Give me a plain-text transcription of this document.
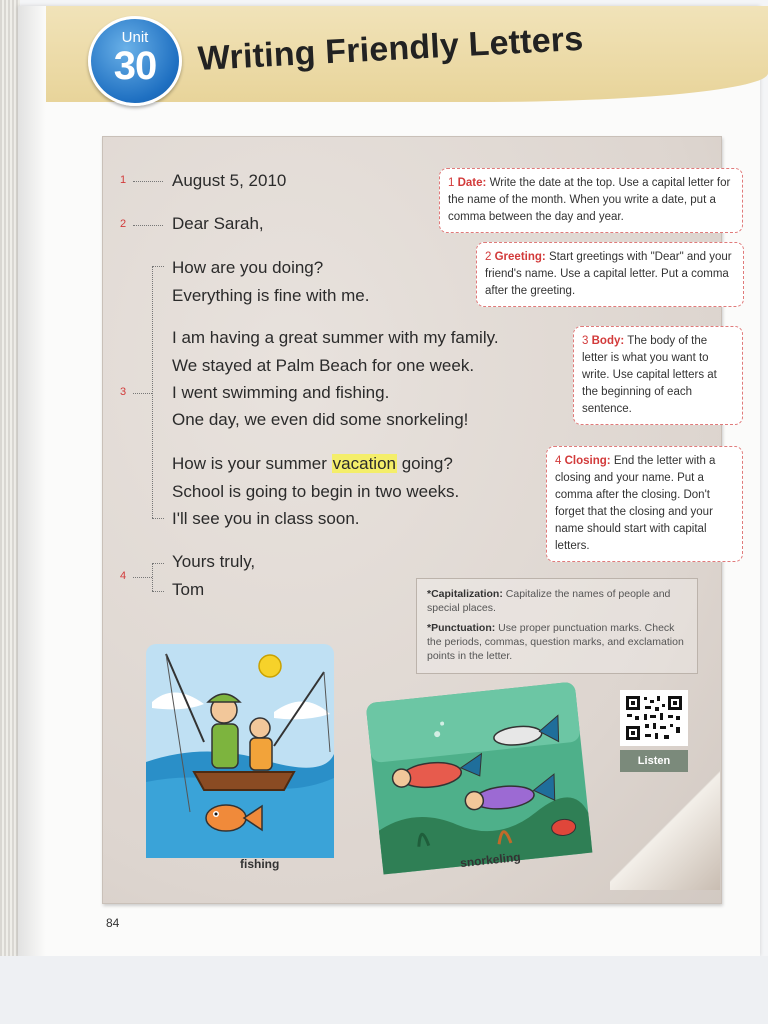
Unit
30	Writing Friendly Letters
1
2
3
4
August 5, 2010
Dear Sarah,
How are you doing?
Everything is fine with me.
I am having a great summer with my family.
We stayed at Palm Beach for one week.
I went swimming and fishing.
One day, we even did some snorkeling!
How is your summer vacation going?
School is going to begin in two weeks.
I'll see you in class soon.
Yours truly,
Tom
1 Date: Write the date at the top. Use a capital letter for the name of the month. When you write a date, put a comma between the day and year.
2 Greeting: Start greetings with "Dear" and your friend's name. Use a capital letter. Put a comma after the greeting.
3 Body: The body of the letter is what you want to write. Use capital letters at the beginning of each sentence.
4 Closing: End the letter with a closing and your name. Put a comma after the closing. Don't forget that the closing and your name should start with capital letters.

*Capitalization: Capitalize the names of people and special places.

*Punctuation: Use proper punctuation marks. Check the periods, commas, question marks, and exclamation points in the letter.

Listen
fishing	snorkeling
84
